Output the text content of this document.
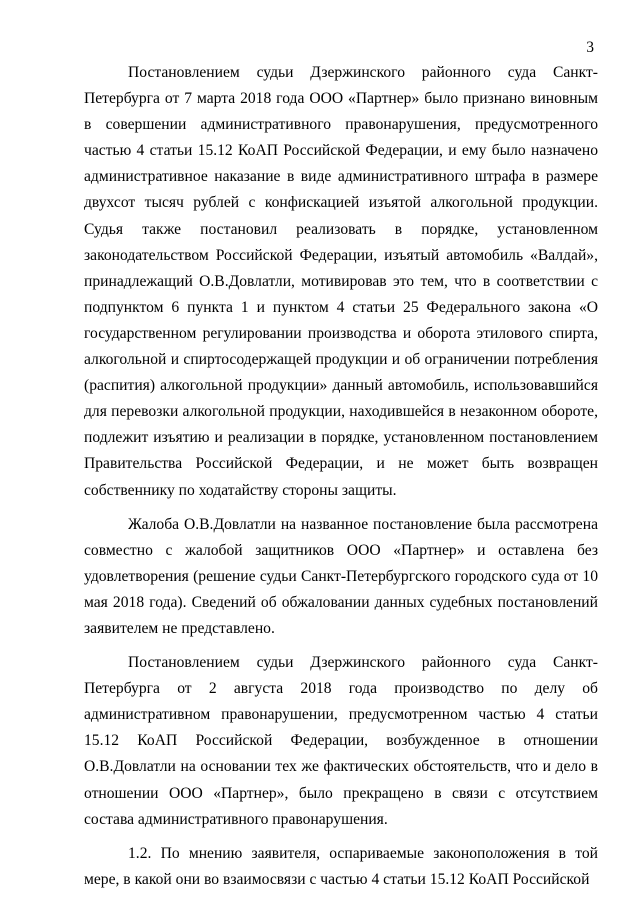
3

Постановлением судьи Дзержинского районного суда Санкт-Петербурга от 7 марта 2018 года ООО «Партнер» было признано виновным в совершении административного правонарушения, предусмотренного частью 4 статьи 15.12 КоАП Российской Федерации, и ему было назначено административное наказание в виде административного штрафа в размере двухсот тысяч рублей с конфискацией изъятой алкогольной продукции. Судья также постановил реализовать в порядке, установленном законодательством Российской Федерации, изъятый автомобиль «Валдай», принадлежащий О.В.Довлатли, мотивировав это тем, что в соответствии с подпунктом 6 пункта 1 и пунктом 4 статьи 25 Федерального закона «О государственном регулировании производства и оборота этилового спирта, алкогольной и спиртосодержащей продукции и об ограничении потребления (распития) алкогольной продукции» данный автомобиль, использовавшийся для перевозки алкогольной продукции, находившейся в незаконном обороте, подлежит изъятию и реализации в порядке, установленном постановлением Правительства Российской Федерации, и не может быть возвращен собственнику по ходатайству стороны защиты.

Жалоба О.В.Довлатли на названное постановление была рассмотрена совместно с жалобой защитников ООО «Партнер» и оставлена без удовлетворения (решение судьи Санкт-Петербургского городского суда от 10 мая 2018 года). Сведений об обжаловании данных судебных постановлений заявителем не представлено.

Постановлением судьи Дзержинского районного суда Санкт-Петербурга от 2 августа 2018 года производство по делу об административном правонарушении, предусмотренном частью 4 статьи 15.12 КоАП Российской Федерации, возбужденное в отношении О.В.Довлатли на основании тех же фактических обстоятельств, что и дело в отношении ООО «Партнер», было прекращено в связи с отсутствием состава административного правонарушения.

1.2. По мнению заявителя, оспариваемые законоположения в той мере, в какой они во взаимосвязи с частью 4 статьи 15.12 КоАП Российской
